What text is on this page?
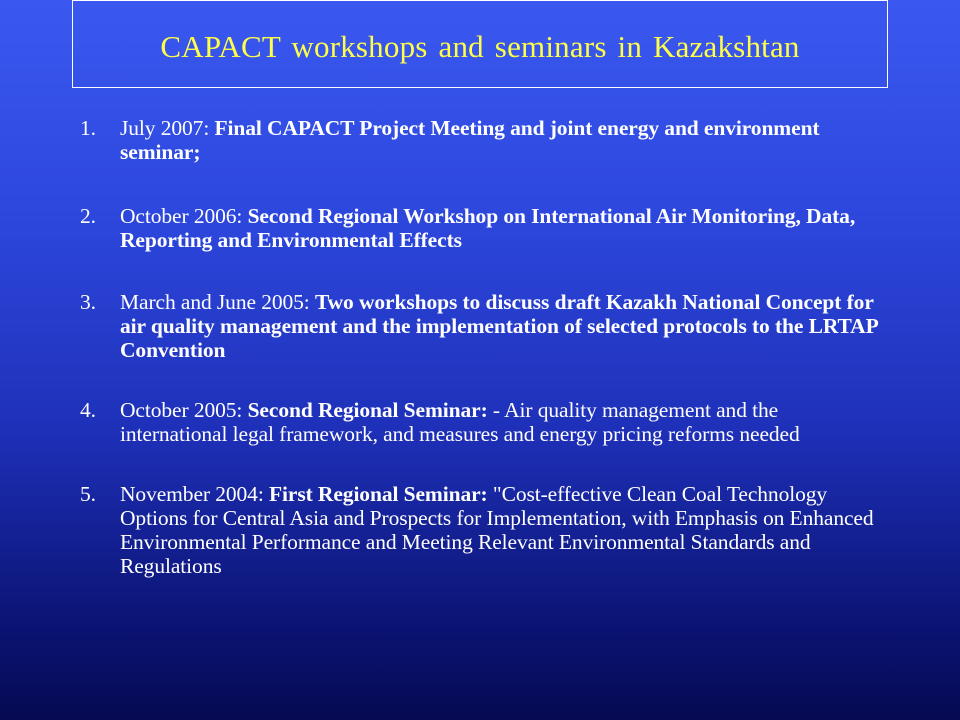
CAPACT workshops and seminars in Kazakshtan
1.	July 2007: Final CAPACT Project Meeting and joint energy and environment seminar;
2.	October 2006: Second Regional Workshop on International Air Monitoring, Data, Reporting and Environmental Effects
3.	March and June 2005: Two workshops to discuss draft Kazakh National Concept for air quality management and the implementation of selected protocols to the LRTAP Convention
4.	October 2005: Second Regional Seminar: - Air quality management and the international legal framework, and measures and energy pricing reforms needed
5.	November 2004: First Regional Seminar: "Cost-effective Clean Coal Technology Options for Central Asia and Prospects for Implementation, with Emphasis on Enhanced Environmental Performance and Meeting Relevant Environmental Standards and Regulations
